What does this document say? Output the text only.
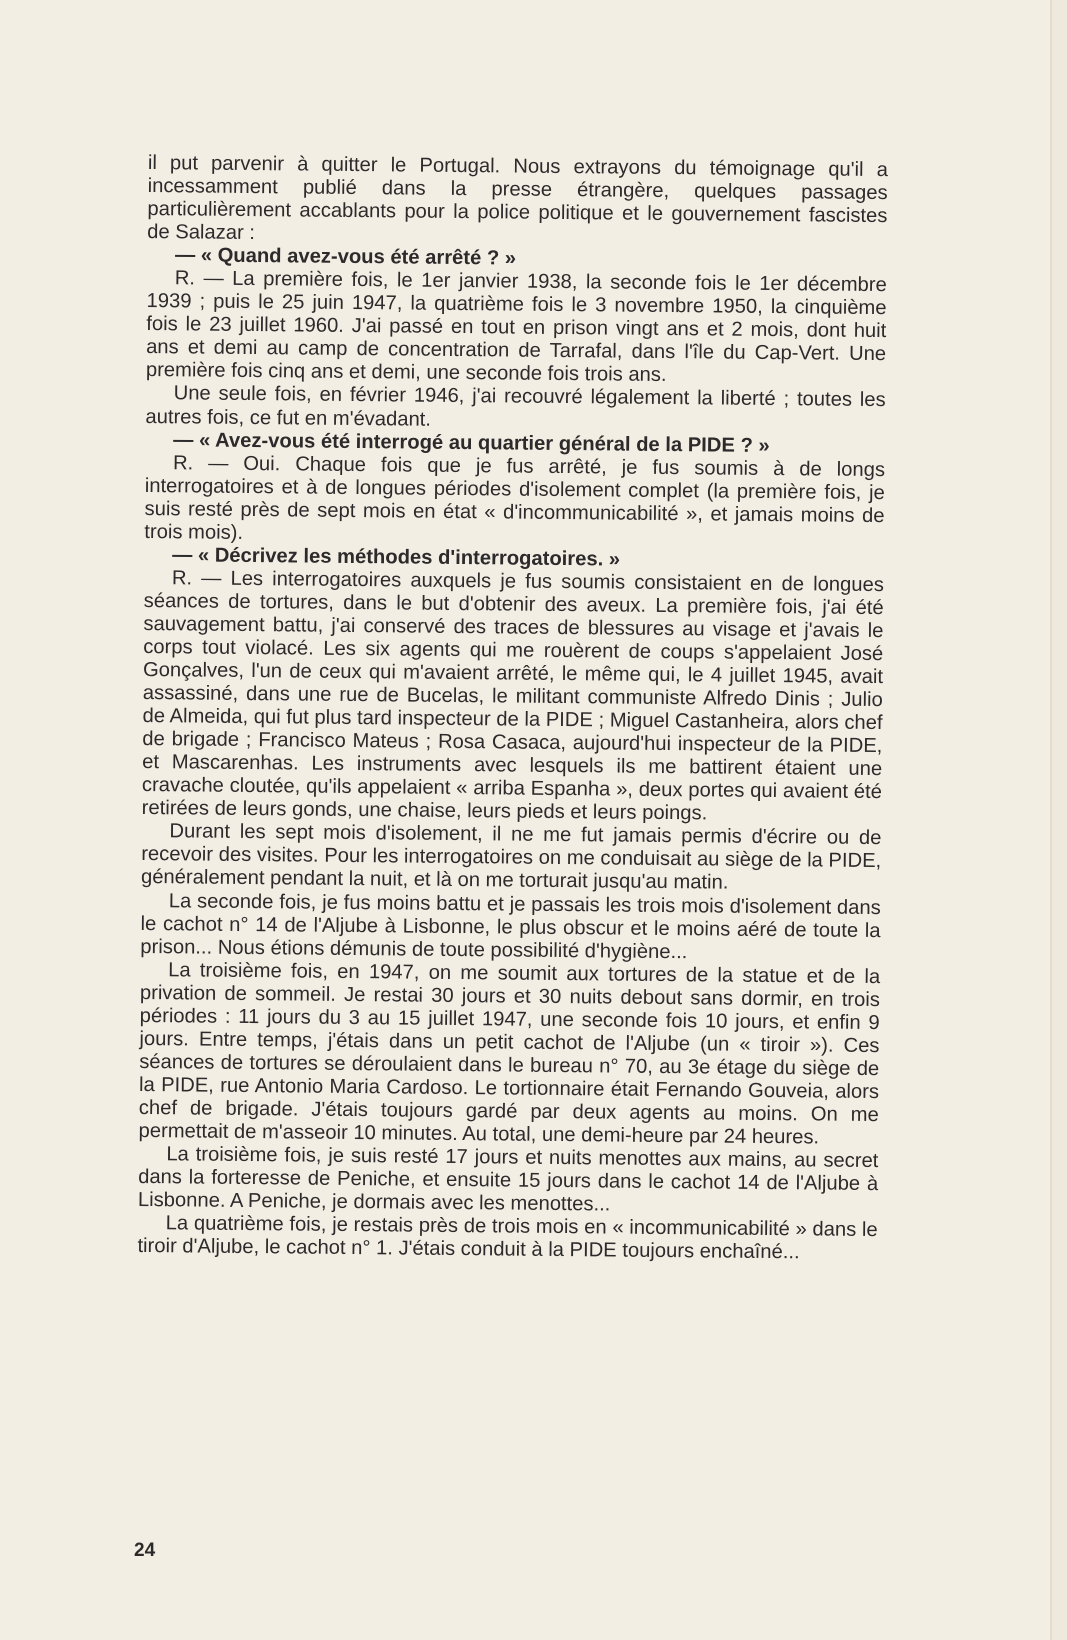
il put parvenir à quitter le Portugal. Nous extrayons du témoignage qu'il a incessamment publié dans la presse étrangère, quelques passages particulièrement accablants pour la police politique et le gouvernement fascistes de Salazar :

— « Quand avez-vous été arrêté ? »

R. — La première fois, le 1er janvier 1938, la seconde fois le 1er décembre 1939 ; puis le 25 juin 1947, la quatrième fois le 3 novembre 1950, la cinquième fois le 23 juillet 1960. J'ai passé en tout en prison vingt ans et 2 mois, dont huit ans et demi au camp de concentration de Tarrafal, dans l'île du Cap-Vert. Une première fois cinq ans et demi, une seconde fois trois ans.

Une seule fois, en février 1946, j'ai recouvré légalement la liberté ; toutes les autres fois, ce fut en m'évadant.

— « Avez-vous été interrogé au quartier général de la PIDE ? »

R. — Oui. Chaque fois que je fus arrêté, je fus soumis à de longs interrogatoires et à de longues périodes d'isolement complet (la première fois, je suis resté près de sept mois en état « d'incommunicabilité », et jamais moins de trois mois).

— « Décrivez les méthodes d'interrogatoires. »

R. — Les interrogatoires auxquels je fus soumis consistaient en de longues séances de tortures, dans le but d'obtenir des aveux. La première fois, j'ai été sauvagement battu, j'ai conservé des traces de blessures au visage et j'avais le corps tout violacé. Les six agents qui me rouèrent de coups s'appelaient José Gonçalves, l'un de ceux qui m'avaient arrêté, le même qui, le 4 juillet 1945, avait assassiné, dans une rue de Bucelas, le militant communiste Alfredo Dinis ; Julio de Almeida, qui fut plus tard inspecteur de la PIDE ; Miguel Castanheira, alors chef de brigade ; Francisco Mateus ; Rosa Casaca, aujourd'hui inspecteur de la PIDE, et Mascarenhas. Les instruments avec lesquels ils me battirent étaient une cravache cloutée, qu'ils appelaient « arriba Espanha », deux portes qui avaient été retirées de leurs gonds, une chaise, leurs pieds et leurs poings.

Durant les sept mois d'isolement, il ne me fut jamais permis d'écrire ou de recevoir des visites. Pour les interrogatoires on me conduisait au siège de la PIDE, généralement pendant la nuit, et là on me torturait jusqu'au matin.

La seconde fois, je fus moins battu et je passais les trois mois d'isolement dans le cachot n° 14 de l'Aljube à Lisbonne, le plus obscur et le moins aéré de toute la prison... Nous étions démunis de toute possibilité d'hygiène...

La troisième fois, en 1947, on me soumit aux tortures de la statue et de la privation de sommeil. Je restai 30 jours et 30 nuits debout sans dormir, en trois périodes : 11 jours du 3 au 15 juillet 1947, une seconde fois 10 jours, et enfin 9 jours. Entre temps, j'étais dans un petit cachot de l'Aljube (un « tiroir »). Ces séances de tortures se déroulaient dans le bureau n° 70, au 3e étage du siège de la PIDE, rue Antonio Maria Cardoso. Le tortionnaire était Fernando Gouveia, alors chef de brigade. J'étais toujours gardé par deux agents au moins. On me permettait de m'asseoir 10 minutes. Au total, une demi-heure par 24 heures.

La troisième fois, je suis resté 17 jours et nuits menottes aux mains, au secret dans la forteresse de Peniche, et ensuite 15 jours dans le cachot 14 de l'Aljube à Lisbonne. A Peniche, je dormais avec les menottes...

La quatrième fois, je restais près de trois mois en « incommunicabilité » dans le tiroir d'Aljube, le cachot n° 1. J'étais conduit à la PIDE toujours enchaîné...

24
